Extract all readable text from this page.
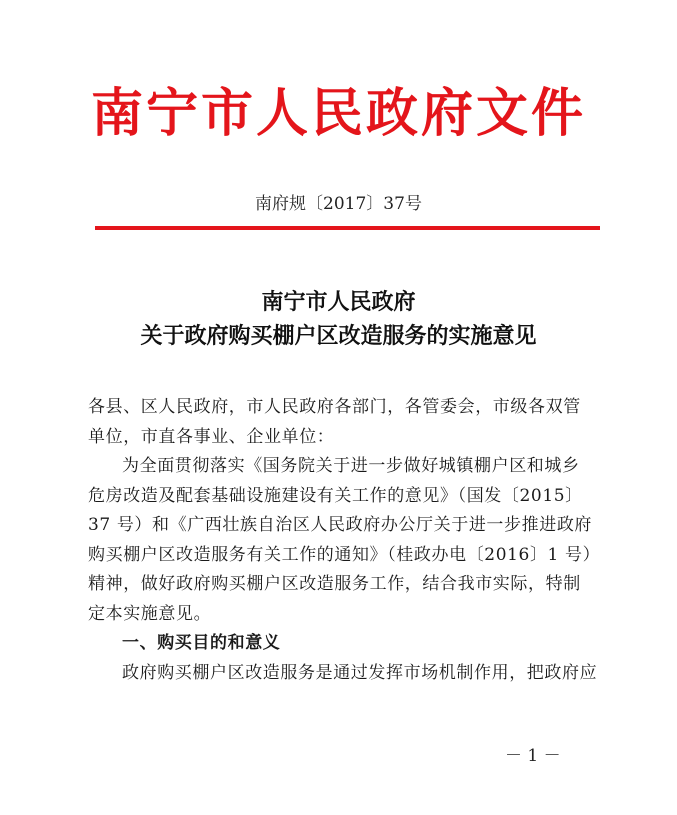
南宁市人民政府文件
南府规〔2017〕37号
南宁市人民政府
关于政府购买棚户区改造服务的实施意见
各县、区人民政府，市人民政府各部门，各管委会，市级各双管
单位，市直各事业、企业单位：
为全面贯彻落实《国务院关于进一步做好城镇棚户区和城乡
危房改造及配套基础设施建设有关工作的意见》（国发〔2015〕
37 号）和《广西壮族自治区人民政府办公厅关于进一步推进政府
购买棚户区改造服务有关工作的通知》（桂政办电〔2016〕1 号）
精神，做好政府购买棚户区改造服务工作，结合我市实际，特制
定本实施意见。
一、购买目的和意义
政府购买棚户区改造服务是通过发挥市场机制作用，把政府应
－ 1 －
